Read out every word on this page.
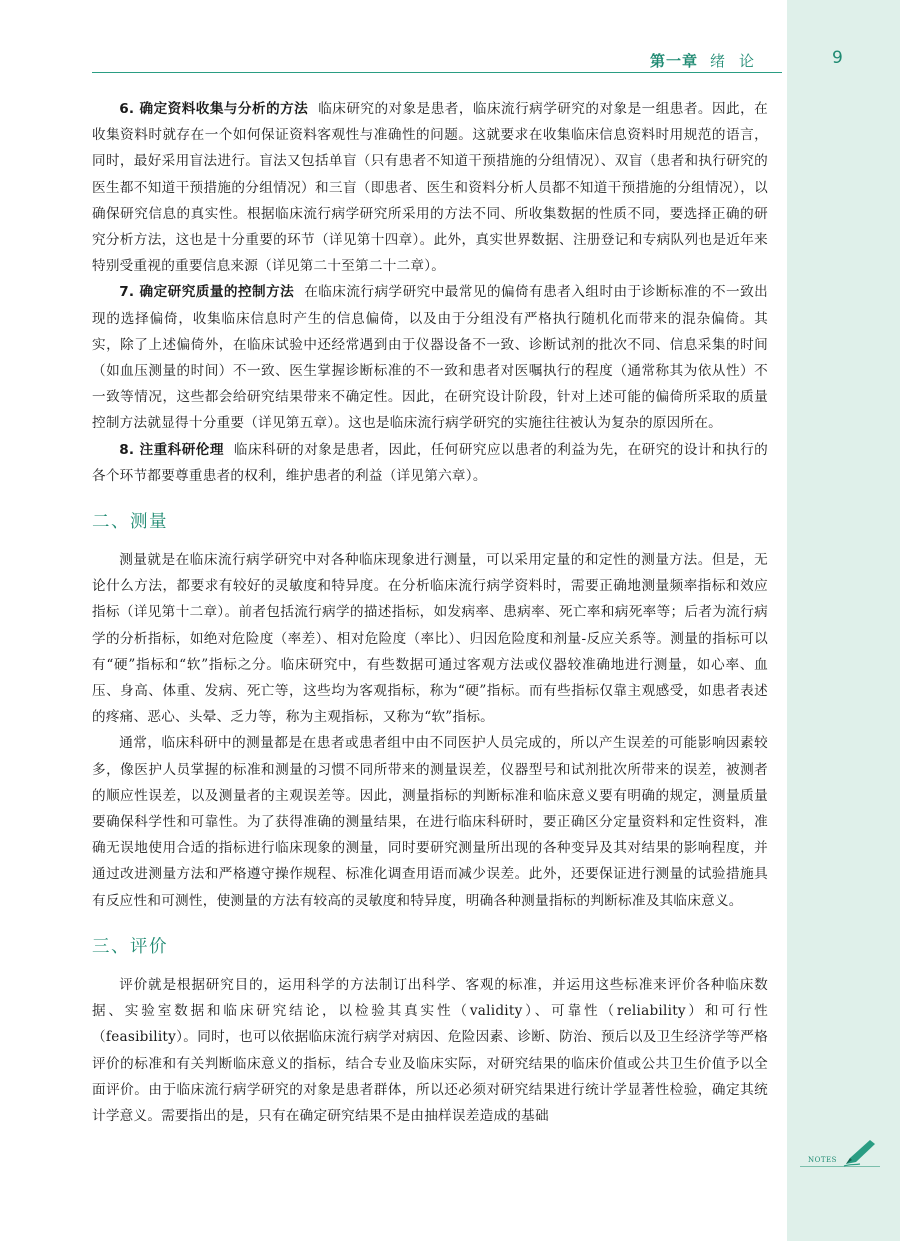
第一章 绪论	9

6. 确定资料收集与分析的方法 临床研究的对象是患者，临床流行病学研究的对象是一组患者。因此，在收集资料时就存在一个如何保证资料客观性与准确性的问题。这就要求在收集临床信息资料时用规范的语言，同时，最好采用盲法进行。盲法又包括单盲（只有患者不知道干预措施的分组情况）、双盲（患者和执行研究的医生都不知道干预措施的分组情况）和三盲（即患者、医生和资料分析人员都不知道干预措施的分组情况），以确保研究信息的真实性。根据临床流行病学研究所采用的方法不同、所收集数据的性质不同，要选择正确的研究分析方法，这也是十分重要的环节（详见第十四章）。此外，真实世界数据、注册登记和专病队列也是近年来特别受重视的重要信息来源（详见第二十至第二十二章）。

7. 确定研究质量的控制方法 在临床流行病学研究中最常见的偏倚有患者入组时由于诊断标准的不一致出现的选择偏倚，收集临床信息时产生的信息偏倚，以及由于分组没有严格执行随机化而带来的混杂偏倚。其实，除了上述偏倚外，在临床试验中还经常遇到由于仪器设备不一致、诊断试剂的批次不同、信息采集的时间（如血压测量的时间）不一致、医生掌握诊断标准的不一致和患者对医嘱执行的程度（通常称其为依从性）不一致等情况，这些都会给研究结果带来不确定性。因此，在研究设计阶段，针对上述可能的偏倚所采取的质量控制方法就显得十分重要（详见第五章）。这也是临床流行病学研究的实施往往被认为复杂的原因所在。

8. 注重科研伦理 临床科研的对象是患者，因此，任何研究应以患者的利益为先，在研究的设计和执行的各个环节都要尊重患者的权利，维护患者的利益（详见第六章）。

二、测量

测量就是在临床流行病学研究中对各种临床现象进行测量，可以采用定量的和定性的测量方法。但是，无论什么方法，都要求有较好的灵敏度和特异度。在分析临床流行病学资料时，需要正确地测量频率指标和效应指标（详见第十二章）。前者包括流行病学的描述指标，如发病率、患病率、死亡率和病死率等；后者为流行病学的分析指标，如绝对危险度（率差）、相对危险度（率比）、归因危险度和剂量-反应关系等。测量的指标可以有“硬”指标和“软”指标之分。临床研究中，有些数据可通过客观方法或仪器较准确地进行测量，如心率、血压、身高、体重、发病、死亡等，这些均为客观指标，称为“硬”指标。而有些指标仅靠主观感受，如患者表述的疼痛、恶心、头晕、乏力等，称为主观指标，又称为“软”指标。

通常，临床科研中的测量都是在患者或患者组中由不同医护人员完成的，所以产生误差的可能影响因素较多，像医护人员掌握的标准和测量的习惯不同所带来的测量误差，仪器型号和试剂批次所带来的误差，被测者的顺应性误差，以及测量者的主观误差等。因此，测量指标的判断标准和临床意义要有明确的规定，测量质量要确保科学性和可靠性。为了获得准确的测量结果，在进行临床科研时，要正确区分定量资料和定性资料，准确无误地使用合适的指标进行临床现象的测量，同时要研究测量所出现的各种变异及其对结果的影响程度，并通过改进测量方法和严格遵守操作规程、标准化调查用语而减少误差。此外，还要保证进行测量的试验措施具有反应性和可测性，使测量的方法有较高的灵敏度和特异度，明确各种测量指标的判断标准及其临床意义。

三、评价

评价就是根据研究目的，运用科学的方法制订出科学、客观的标准，并运用这些标准来评价各种临床数据、实验室数据和临床研究结论，以检验其真实性（validity）、可靠性（reliability）和可行性（feasibility）。同时，也可以依据临床流行病学对病因、危险因素、诊断、防治、预后以及卫生经济学等严格评价的标准和有关判断临床意义的指标，结合专业及临床实际，对研究结果的临床价值或公共卫生价值予以全面评价。由于临床流行病学研究的对象是患者群体，所以还必须对研究结果进行统计学显著性检验，确定其统计学意义。需要指出的是，只有在确定研究结果不是由抽样误差造成的基础

NOTES
